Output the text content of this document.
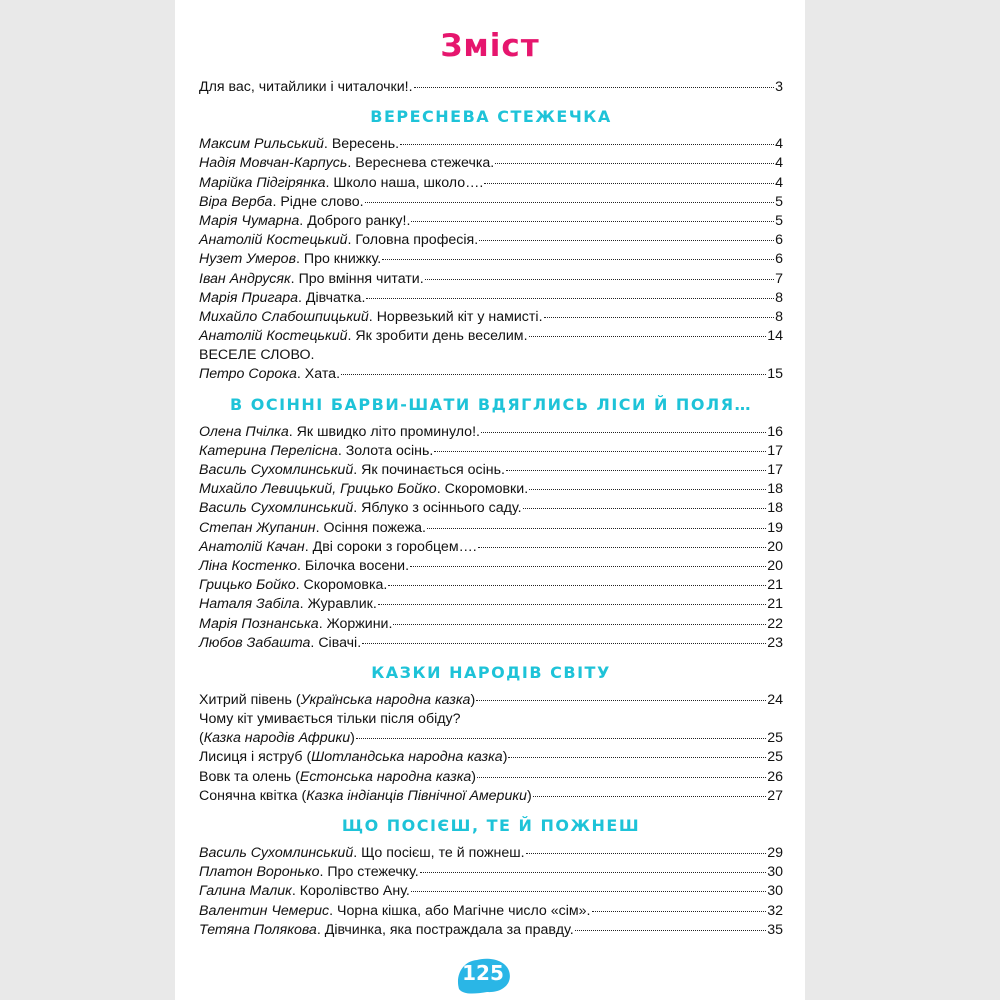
Зміст
Для вас, читайлики і читалочки!.	3
ВЕРЕСНЕВА СТЕЖЕЧКА
Максим Рильський. Вересень.	4
Надія Мовчан-Карпусь. Вереснева стежечка.	4
Марійка Підгірянка. Школо наша, школо….	4
Віра Верба. Рідне слово.	5
Марія Чумарна. Доброго ранку!.	5
Анатолій Костецький. Головна професія.	6
Нузет Умеров. Про книжку.	6
Іван Андрусяк. Про вміння читати.	7
Марія Пригара. Дівчатка.	8
Михайло Слабошпицький. Норвезький кіт у намисті.	8
Анатолій Костецький. Як зробити день веселим.	14
ВЕСЕЛЕ СЛОВО.
Петро Сорока. Хата.	15
В ОСІННІ БАРВИ-ШАТИ ВДЯГЛИСЬ ЛІСИ Й ПОЛЯ…
Олена Пчілка. Як швидко літо проминуло!.	16
Катерина Перелісна. Золота осінь.	17
Василь Сухомлинський. Як починається осінь.	17
Михайло Левицький, Грицько Бойко. Скоромовки.	18
Василь Сухомлинський. Яблуко з осіннього саду.	18
Степан Жупанин. Осіння пожежа.	19
Анатолій Качан. Дві сороки з горобцем….	20
Ліна Костенко. Білочка восени.	20
Грицько Бойко. Скоромовка.	21
Наталя Забіла. Журавлик.	21
Марія Познанська. Жоржини.	22
Любов Забашта. Сівачі.	23
КАЗКИ НАРОДІВ СВІТУ
Хитрий півень (Українська народна казка)	24
Чому кіт умивається тільки після обіду?
(Казка народів Африки)	25
Лисиця і яструб (Шотландська народна казка)	25
Вовк та олень (Естонська народна казка)	26
Сонячна квітка (Казка індіанців Північної Америки)	27
ЩО ПОСІЄШ, ТЕ Й ПОЖНЕШ
Василь Сухомлинський. Що посієш, те й пожнеш.	29
Платон Воронько. Про стежечку.	30
Галина Малик. Королівство Ану.	30
Валентин Чемерис. Чорна кішка, або Магічне число «сім».	32
Тетяна Полякова. Дівчинка, яка постраждала за правду.	35
125
